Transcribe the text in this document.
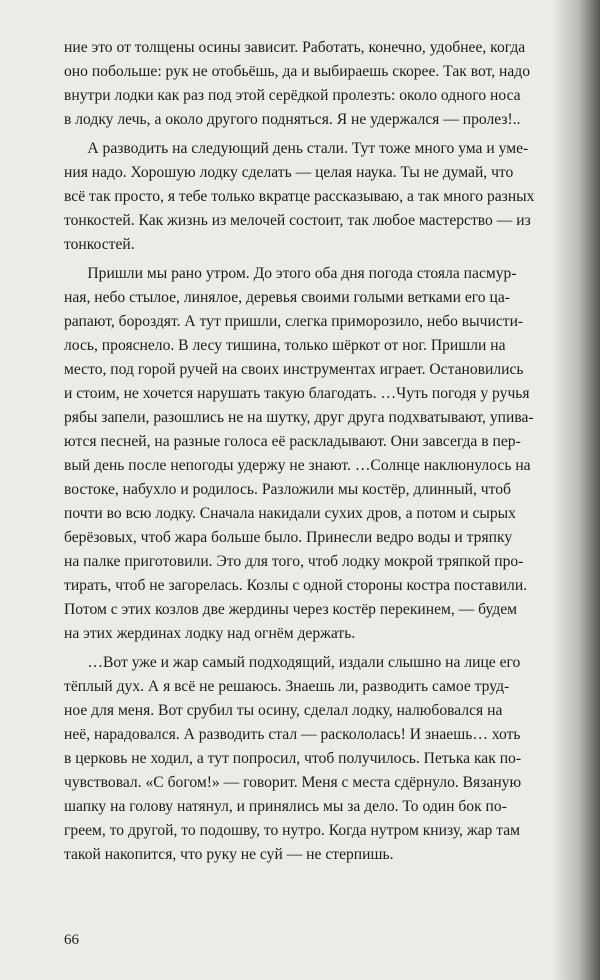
ние это от толщены осины зависит. Работать, конечно, удобнее, когда
оно побольше: рук не отобьёшь, да и выбираешь скорее. Так вот, надо
внутри лодки как раз под этой серёдкой пролезть: около одного носа
в лодку лечь, а около другого подняться. Я не удержался — пролез!..
А разводить на следующий день стали. Тут тоже много ума и уме-
ния надо. Хорошую лодку сделать — целая наука. Ты не думай, что
всё так просто, я тебе только вкратце рассказываю, а так много разных
тонкостей. Как жизнь из мелочей состоит, так любое мастерство — из
тонкостей.
Пришли мы рано утром. До этого оба дня погода стояла пасмур-
ная, небо стылое, линялое, деревья своими голыми ветками его ца-
рапают, бороздят. А тут пришли, слегка приморозило, небо вычисти-
лось, прояснело. В лесу тишина, только шёркот от ног. Пришли на
место, под горой ручей на своих инструментах играет. Остановились
и стоим, не хочется нарушать такую благодать. …Чуть погодя у ручья
рябы запели, разошлись не на шутку, друг друга подхватывают, упива-
ются песней, на разные голоса её раскладывают. Они завсегда в пер-
вый день после непогоды удержу не знают. …Солнце наклюнулось на
востоке, набухло и родилось. Разложили мы костёр, длинный, чтоб
почти во всю лодку. Сначала накидали сухих дров, а потом и сырых
берёзовых, чтоб жара больше было. Принесли ведро воды и тряпку
на палке приготовили. Это для того, чтоб лодку мокрой тряпкой про-
тирать, чтоб не загорелась. Козлы с одной стороны костра поставили.
Потом с этих козлов две жердины через костёр перекинем, — будем
на этих жердинах лодку над огнём держать.
…Вот уже и жар самый подходящий, издали слышно на лице его
тёплый дух. А я всё не решаюсь. Знаешь ли, разводить самое труд-
ное для меня. Вот срубил ты осину, сделал лодку, налюбовался на
неё, нарадовался. А разводить стал — раскололась! И знаешь… хоть
в церковь не ходил, а тут попросил, чтоб получилось. Петька как по-
чувствовал. «С богом!» — говорит. Меня с места сдёрнуло. Вязаную
шапку на голову натянул, и принялись мы за дело. То один бок по-
греем, то другой, то подошву, то нутро. Когда нутром книзу, жар там
такой накопится, что руку не суй — не стерпишь.
66
